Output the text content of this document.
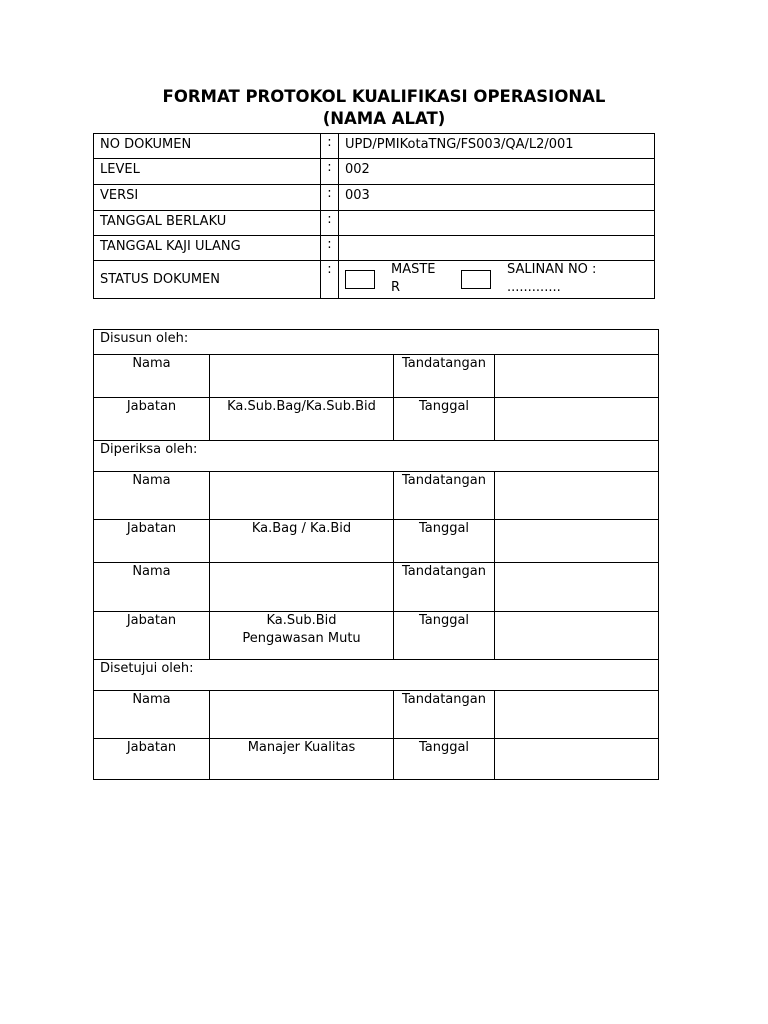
FORMAT PROTOKOL KUALIFIKASI OPERASIONAL
(NAMA ALAT)
NO DOKUMEN	:	UPD/PMIKotaTNG/FS003/QA/L2/001
LEVEL	:	002
VERSI	:	003
TANGGAL BERLAKU	:	
TANGGAL KAJI ULANG	:	
STATUS DOKUMEN	:	MASTER
SALINAN NO : .............
Disusun oleh:			
Nama		Tandatangan	
Jabatan	Ka.Sub.Bag/Ka.Sub.Bid	Tanggal	
Diperiksa oleh:			
Nama		Tandatangan	
Jabatan	Ka.Bag / Ka.Bid	Tanggal	
Nama		Tandatangan	
Jabatan	Ka.Sub.Bid Pengawasan Mutu	Tanggal	
Disetujui oleh:			
Nama		Tandatangan	
Jabatan	Manajer Kualitas	Tanggal	
